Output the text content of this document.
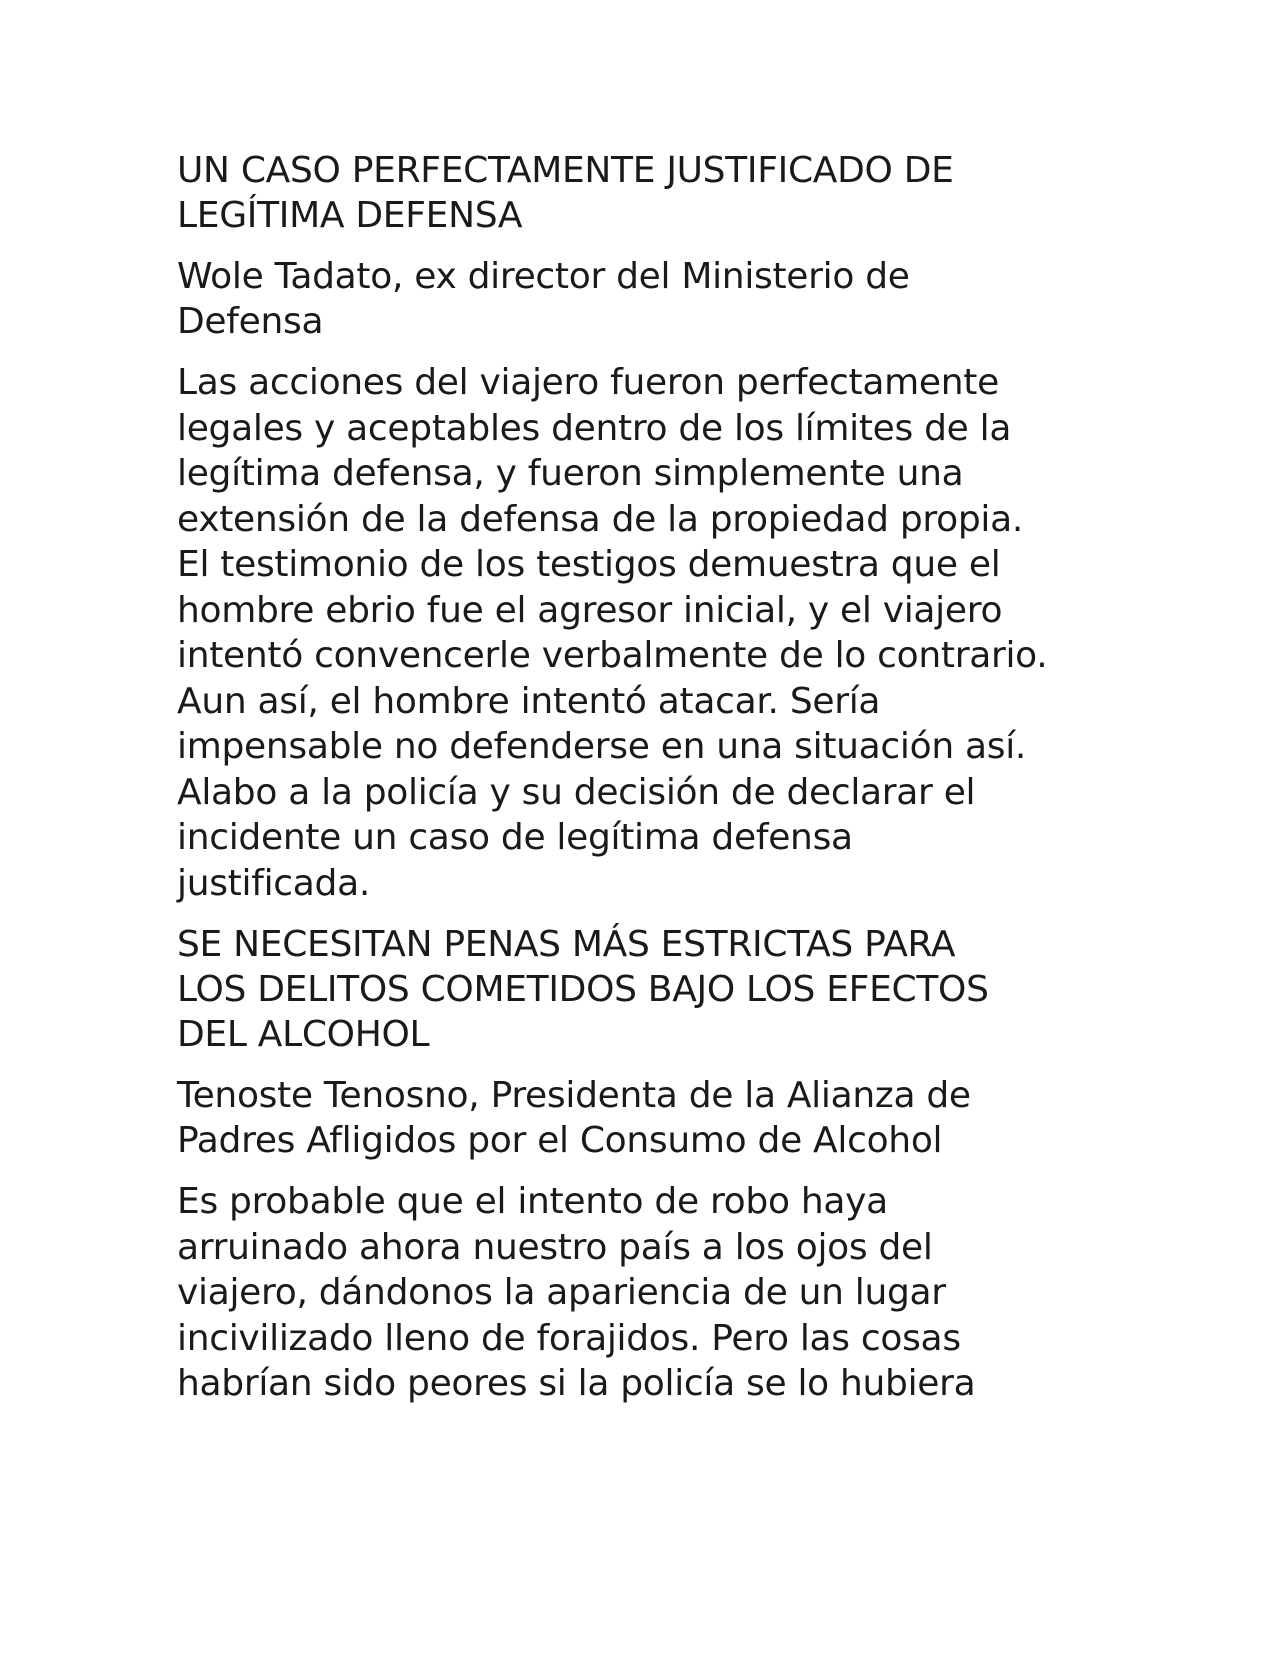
UN CASO PERFECTAMENTE JUSTIFICADO DE
LEGÍTIMA DEFENSA

Wole Tadato, ex director del Ministerio de
Defensa

Las acciones del viajero fueron perfectamente
legales y aceptables dentro de los límites de la
legítima defensa, y fueron simplemente una
extensión de la defensa de la propiedad propia.
El testimonio de los testigos demuestra que el
hombre ebrio fue el agresor inicial, y el viajero
intentó convencerle verbalmente de lo contrario.
Aun así, el hombre intentó atacar. Sería
impensable no defenderse en una situación así.
Alabo a la policía y su decisión de declarar el
incidente un caso de legítima defensa
justificada.

SE NECESITAN PENAS MÁS ESTRICTAS PARA
LOS DELITOS COMETIDOS BAJO LOS EFECTOS
DEL ALCOHOL

Tenoste Tenosno, Presidenta de la Alianza de
Padres Afligidos por el Consumo de Alcohol

Es probable que el intento de robo haya
arruinado ahora nuestro país a los ojos del
viajero, dándonos la apariencia de un lugar
incivilizado lleno de forajidos. Pero las cosas
habrían sido peores si la policía se lo hubiera
